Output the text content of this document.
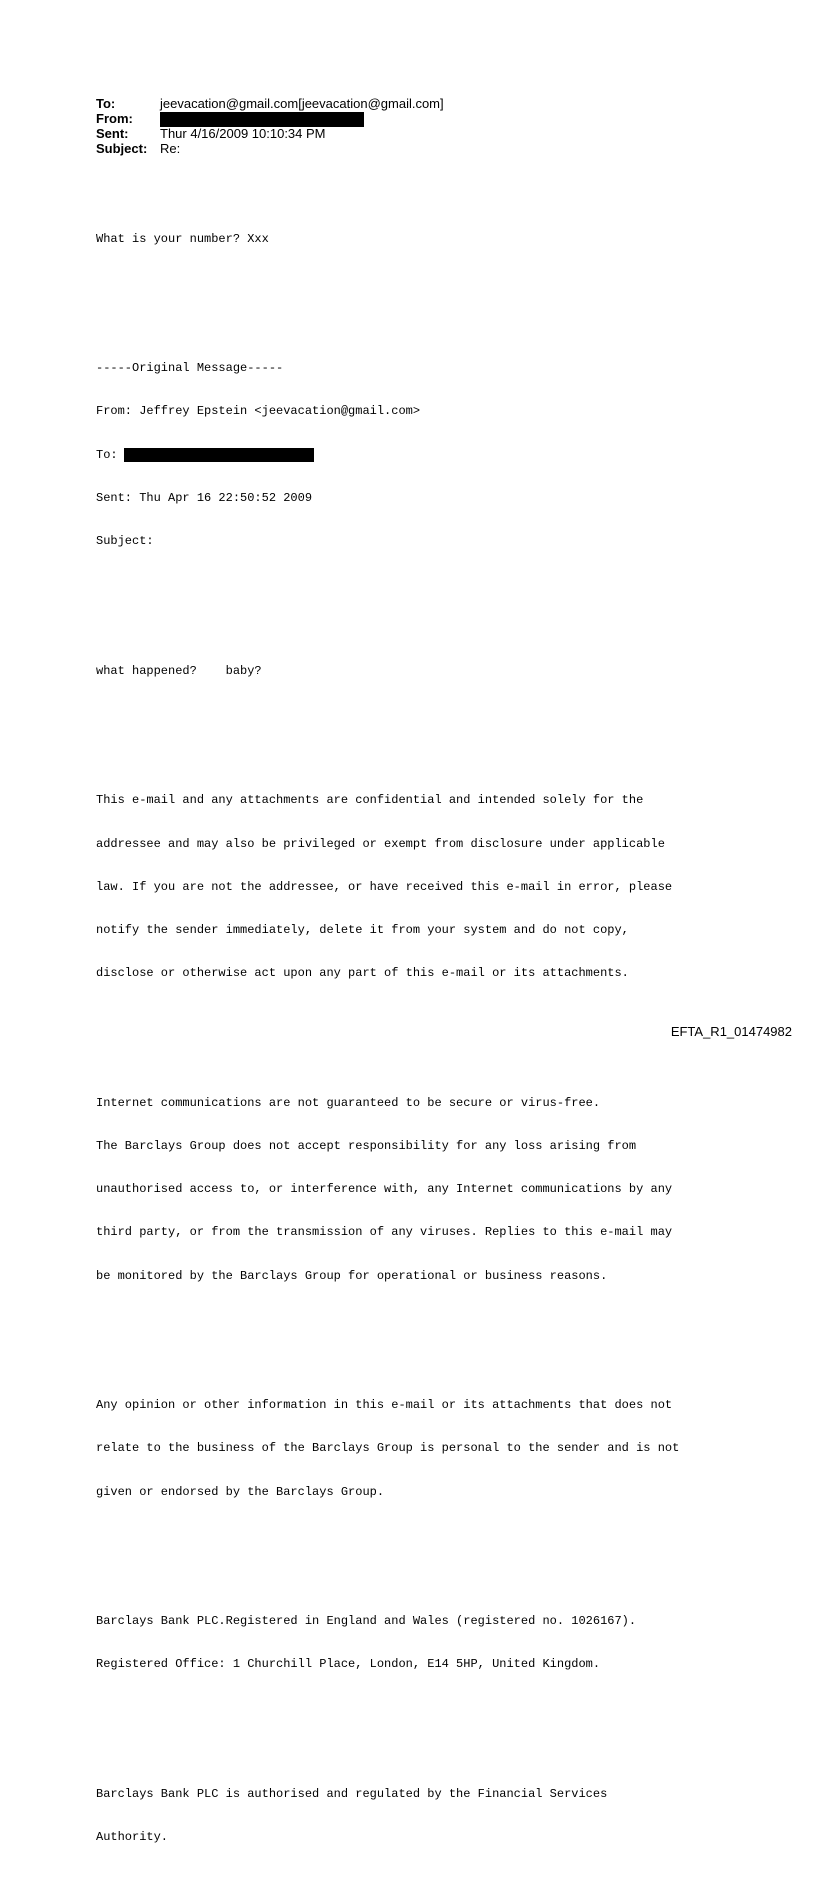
To:	jeevacation@gmail.com[jeevacation@gmail.com]
From:
Sent:	Thur 4/16/2009 10:10:34 PM
Subject: Re:

What is your number? Xxx

-----Original Message-----

From: Jeffrey Epstein <jeevacation@gmail.com>

To:

Sent: Thu Apr 16 22:50:52 2009

Subject:

what happened?    baby?

This e-mail and any attachments are confidential and intended solely for the

addressee and may also be privileged or exempt from disclosure under applicable

law. If you are not the addressee, or have received this e-mail in error, please

notify the sender immediately, delete it from your system and do not copy,

disclose or otherwise act upon any part of this e-mail or its attachments.

Internet communications are not guaranteed to be secure or virus-free.

The Barclays Group does not accept responsibility for any loss arising from

unauthorised access to, or interference with, any Internet communications by any

third party, or from the transmission of any viruses. Replies to this e-mail may

be monitored by the Barclays Group for operational or business reasons.

Any opinion or other information in this e-mail or its attachments that does not

relate to the business of the Barclays Group is personal to the sender and is not

given or endorsed by the Barclays Group.

Barclays Bank PLC.Registered in England and Wales (registered no. 1026167).

Registered Office: 1 Churchill Place, London, E14 5HP, United Kingdom.

Barclays Bank PLC is authorised and regulated by the Financial Services

Authority.

EFTA_R1_01474982
